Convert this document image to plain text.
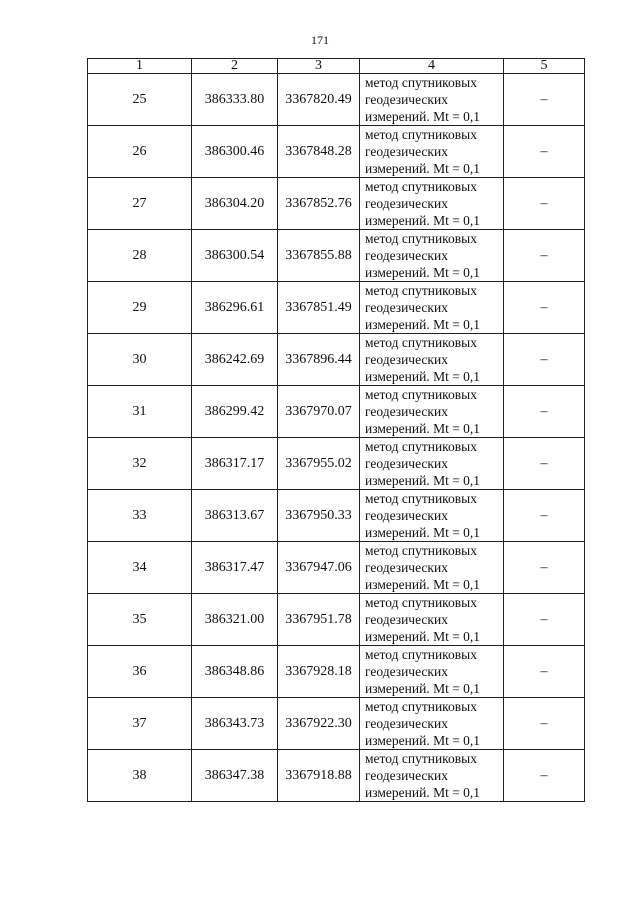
171
1	2	3	4	5
25	386333.80	3367820.49	метод спутниковых
геодезических
измерений. Mt = 0,1	–
26	386300.46	3367848.28	метод спутниковых
геодезических
измерений. Mt = 0,1	–
27	386304.20	3367852.76	метод спутниковых
геодезических
измерений. Mt = 0,1	–
28	386300.54	3367855.88	метод спутниковых
геодезических
измерений. Mt = 0,1	–
29	386296.61	3367851.49	метод спутниковых
геодезических
измерений. Mt = 0,1	–
30	386242.69	3367896.44	метод спутниковых
геодезических
измерений. Mt = 0,1	–
31	386299.42	3367970.07	метод спутниковых
геодезических
измерений. Mt = 0,1	–
32	386317.17	3367955.02	метод спутниковых
геодезических
измерений. Mt = 0,1	–
33	386313.67	3367950.33	метод спутниковых
геодезических
измерений. Mt = 0,1	–
34	386317.47	3367947.06	метод спутниковых
геодезических
измерений. Mt = 0,1	–
35	386321.00	3367951.78	метод спутниковых
геодезических
измерений. Mt = 0,1	–
36	386348.86	3367928.18	метод спутниковых
геодезических
измерений. Mt = 0,1	–
37	386343.73	3367922.30	метод спутниковых
геодезических
измерений. Mt = 0,1	–
38	386347.38	3367918.88	метод спутниковых
геодезических
измерений. Mt = 0,1	–
